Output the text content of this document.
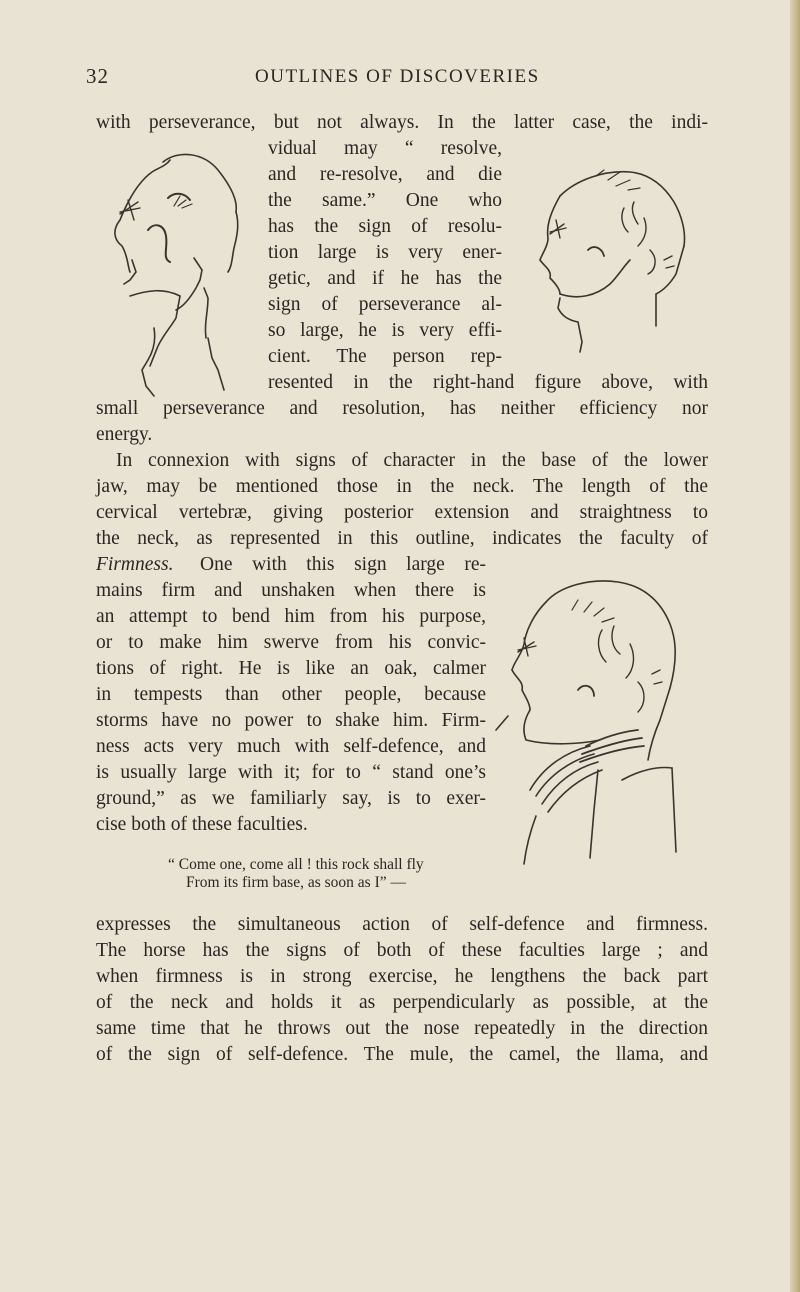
32	OUTLINES OF DISCOVERIES
with perseverance, but not always. In the latter case, the indi-
vidual may “ resolve,
and re-resolve, and die
the same.” One who
has the sign of resolu-
tion large is very ener-
getic, and if he has the
sign of perseverance al-
so large, he is very effi-
cient. The person rep-
resented in the right-hand figure above, with
small perseverance and resolution, has neither efficiency nor
energy.
In connexion with signs of character in the base of the lower
jaw, may be mentioned those in the neck. The length of the
cervical vertebræ, giving posterior extension and straightness to
the neck, as represented in this outline, indicates the faculty of
Firmness. One with this sign large re-
mains firm and unshaken when there is
an attempt to bend him from his purpose,
or to make him swerve from his convic-
tions of right. He is like an oak, calmer
in tempests than other people, because
storms have no power to shake him. Firm-
ness acts very much with self-defence, and
is usually large with it; for to “ stand one’s
ground,” as we familiarly say, is to exer-
cise both of these faculties.
“ Come one, come all ! this rock shall fly
From its firm base, as soon as I” —
expresses the simultaneous action of self-defence and firmness.
The horse has the signs of both of these faculties large ; and
when firmness is in strong exercise, he lengthens the back part
of the neck and holds it as perpendicularly as possible, at the
same time that he throws out the nose repeatedly in the direction
of the sign of self-defence. The mule, the camel, the llama, and
